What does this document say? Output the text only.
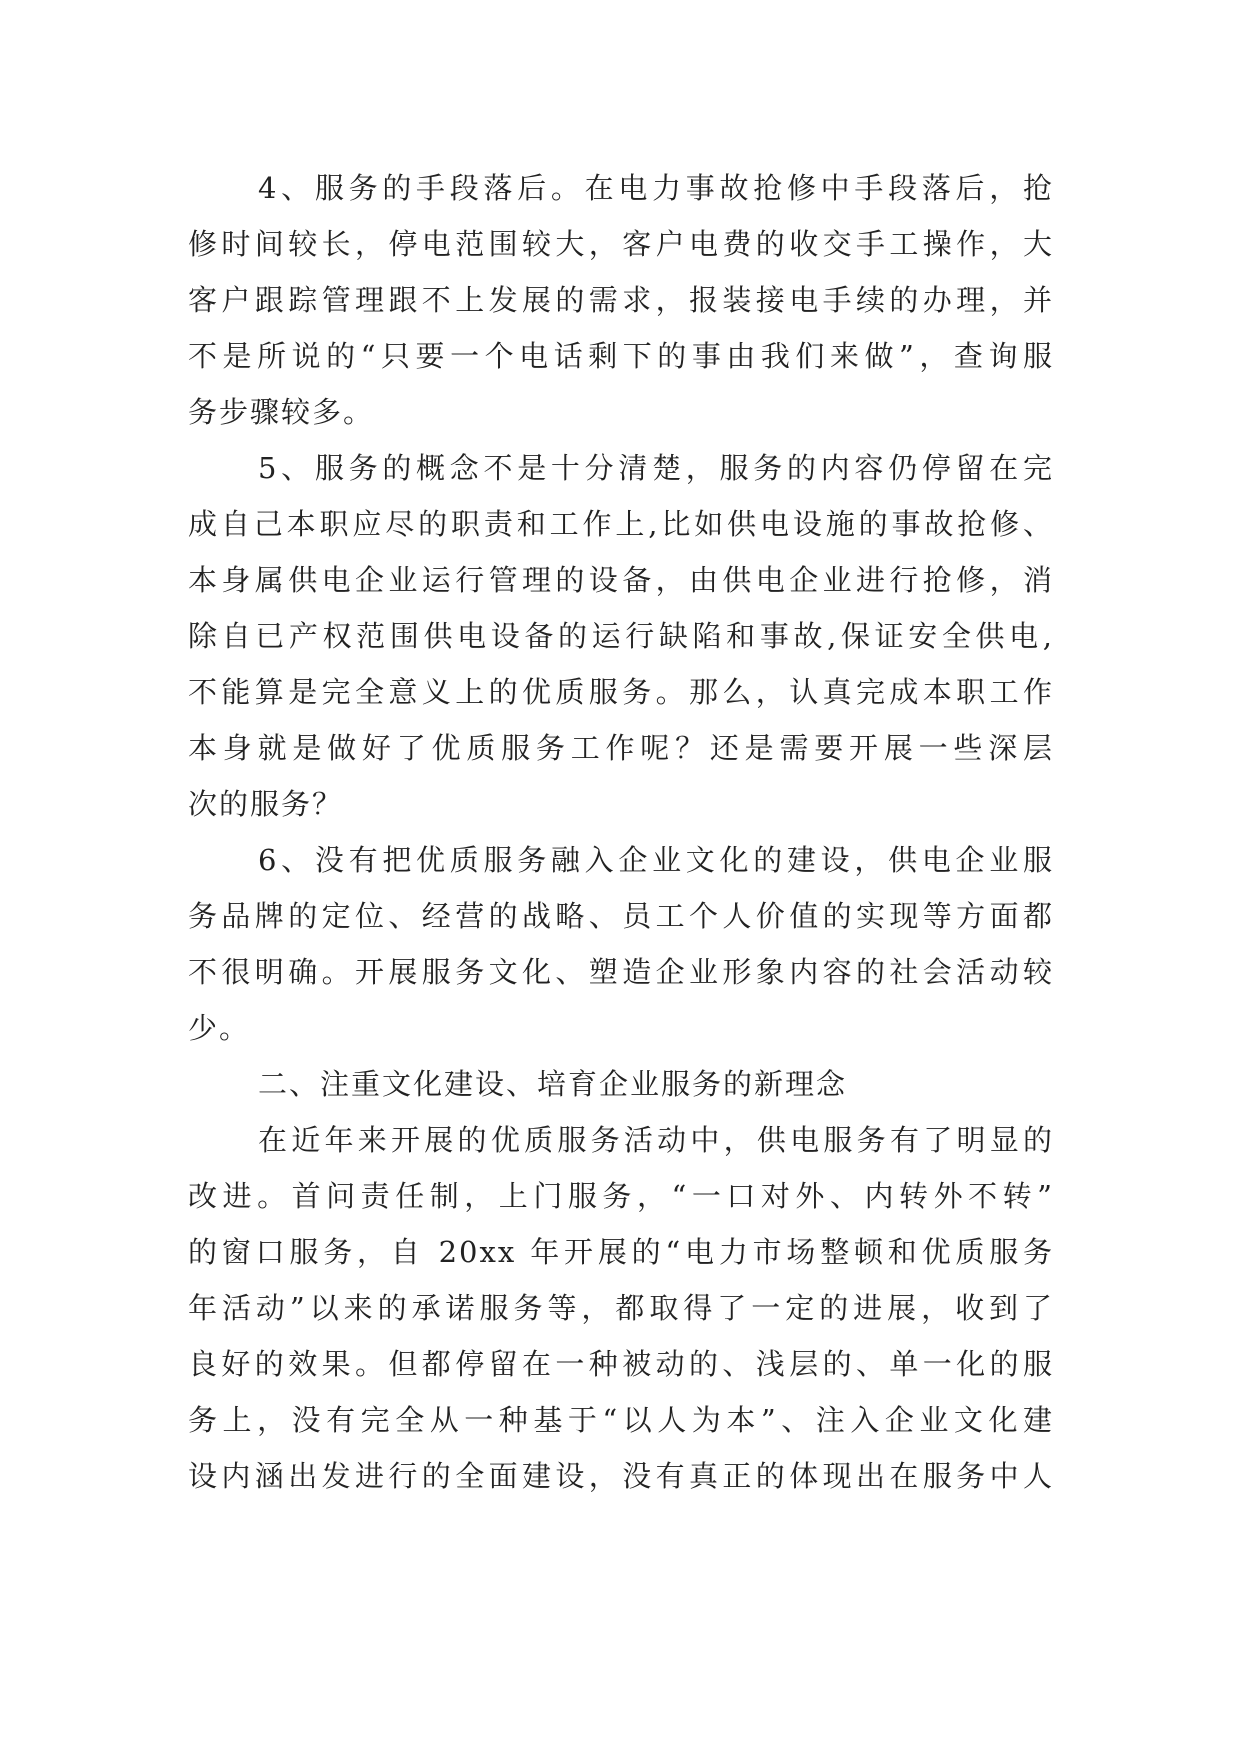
4、服务的手段落后。在电力事故抢修中手段落后，抢
修时间较长，停电范围较大，客户电费的收交手工操作，大
客户跟踪管理跟不上发展的需求，报装接电手续的办理，并
不是所说的“只要一个电话剩下的事由我们来做”，查询服
务步骤较多。
5、服务的概念不是十分清楚，服务的内容仍停留在完
成自己本职应尽的职责和工作上,比如供电设施的事故抢修、
本身属供电企业运行管理的设备，由供电企业进行抢修，消
除自已产权范围供电设备的运行缺陷和事故,保证安全供电,
不能算是完全意义上的优质服务。那么，认真完成本职工作
本身就是做好了优质服务工作呢？还是需要开展一些深层
次的服务？
6、没有把优质服务融入企业文化的建设，供电企业服
务品牌的定位、经营的战略、员工个人价值的实现等方面都
不很明确。开展服务文化、塑造企业形象内容的社会活动较
少。
二、注重文化建设、培育企业服务的新理念
在近年来开展的优质服务活动中，供电服务有了明显的
改进。首问责任制，上门服务，“一口对外、内转外不转”
的窗口服务，自 20xx 年开展的“电力市场整顿和优质服务
年活动”以来的承诺服务等，都取得了一定的进展，收到了
良好的效果。但都停留在一种被动的、浅层的、单一化的服
务上，没有完全从一种基于“以人为本”、注入企业文化建
设内涵出发进行的全面建设，没有真正的体现出在服务中人
